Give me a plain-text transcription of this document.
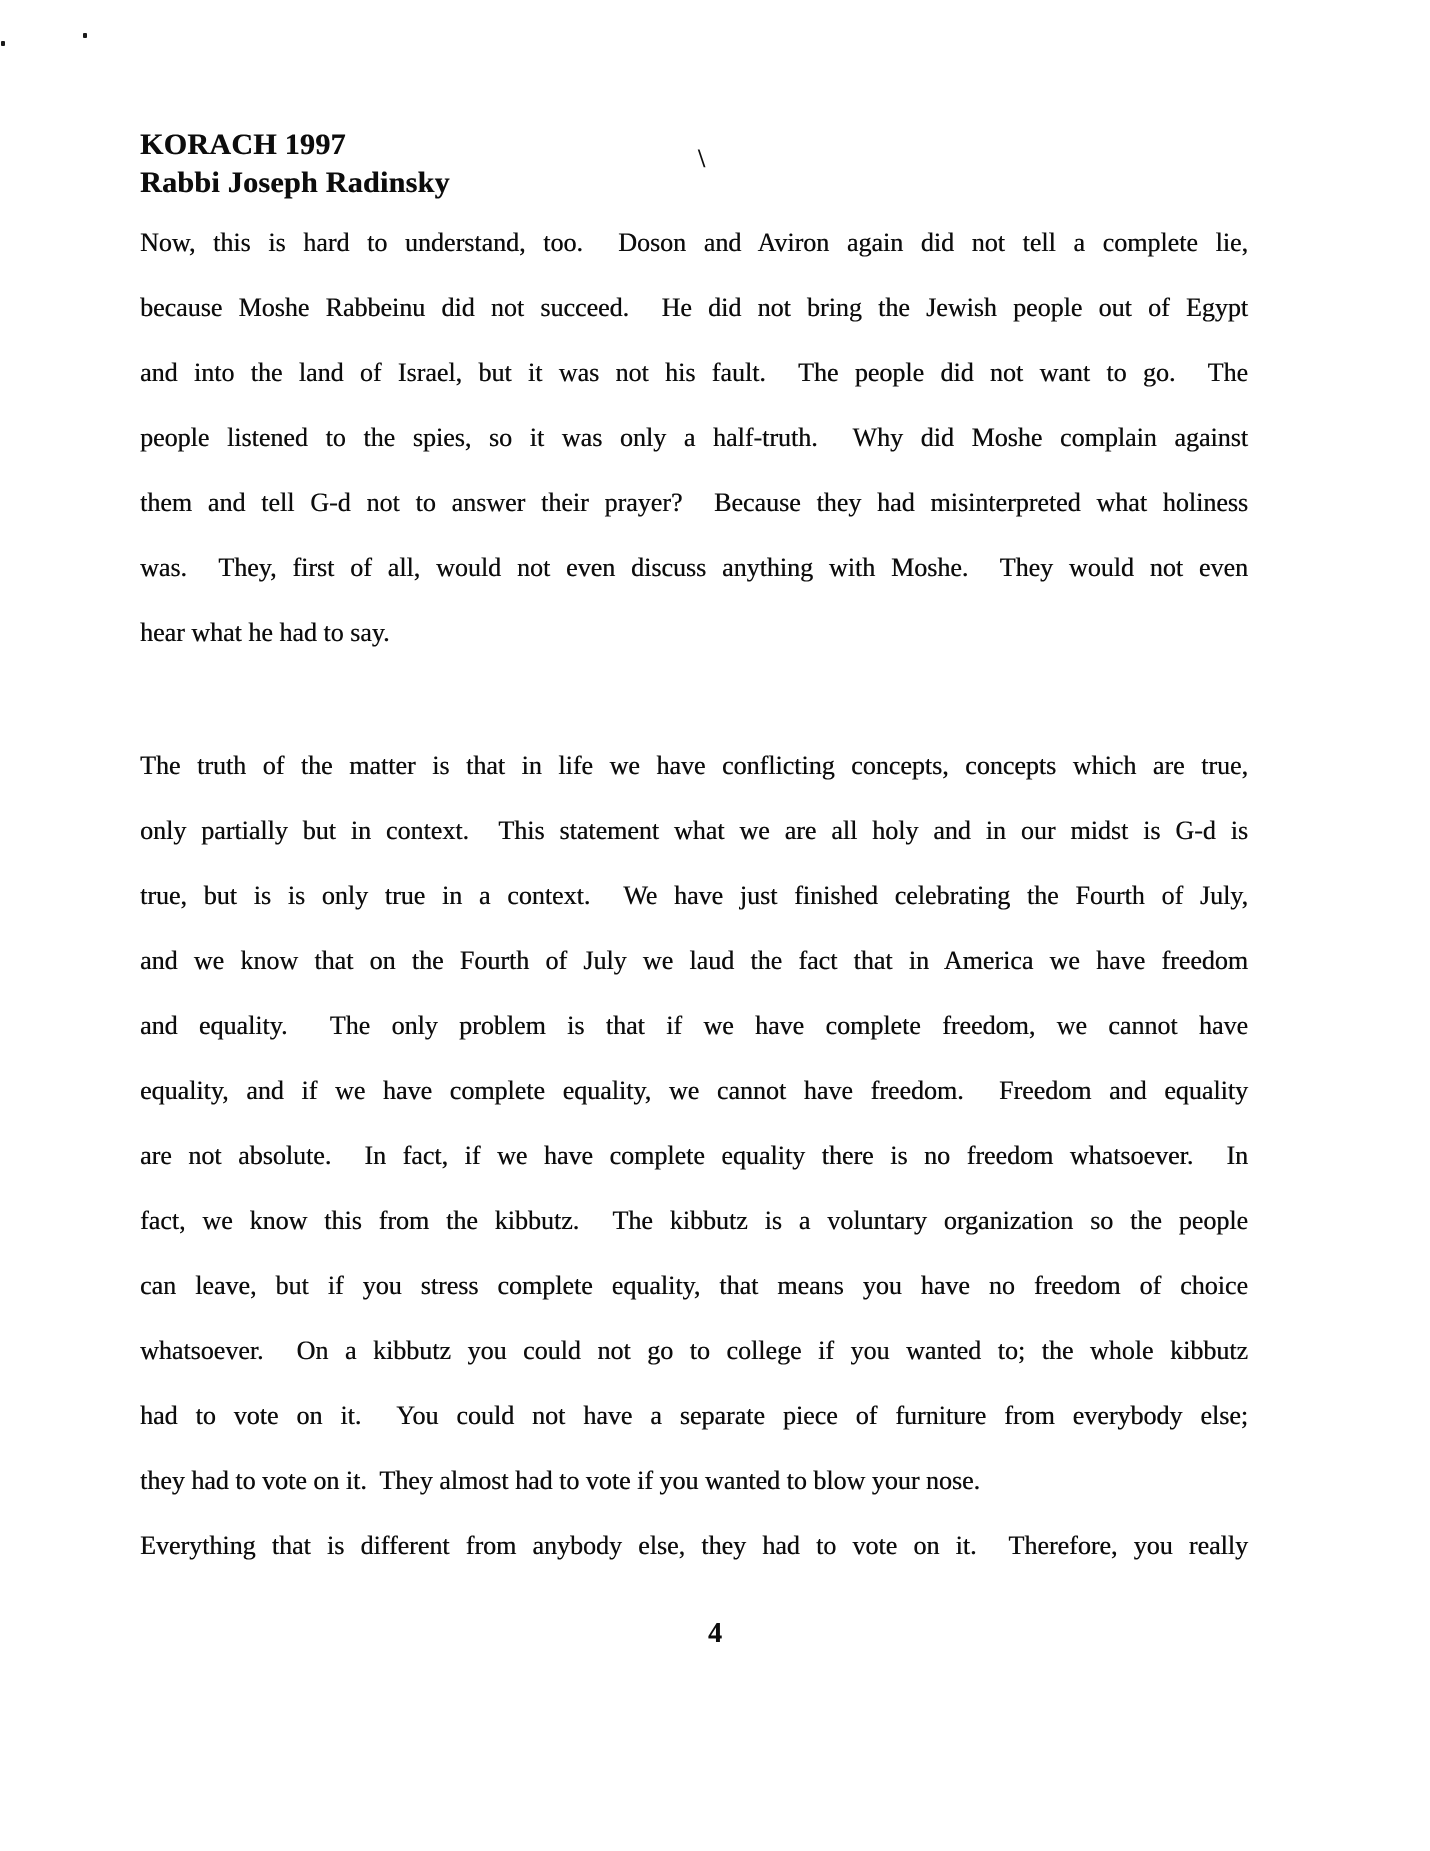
KORACH 1997
Rabbi Joseph Radinsky
\
Now, this is hard to understand, too.  Doson and Aviron again did not tell a complete lie,
because Moshe Rabbeinu did not succeed.  He did not bring the Jewish people out of Egypt
and into the land of Israel, but it was not his fault.  The people did not want to go.  The
people listened to the spies, so it was only a half-truth.  Why did Moshe complain against
them and tell G-d not to answer their prayer?  Because they had misinterpreted what holiness
was.  They, first of all, would not even discuss anything with Moshe.  They would not even
hear what he had to say.
The truth of the matter is that in life we have conflicting concepts, concepts which are true,
only partially but in context.  This statement what we are all holy and in our midst is G-d is
true, but is is only true in a context.  We have just finished celebrating the Fourth of July,
and we know that on the Fourth of July we laud the fact that in America we have freedom
and equality.  The only problem is that if we have complete freedom, we cannot have
equality, and if we have complete equality, we cannot have freedom.  Freedom and equality
are not absolute.  In fact, if we have complete equality there is no freedom whatsoever.  In
fact, we know this from the kibbutz.  The kibbutz is a voluntary organization so the people
can leave, but if you stress complete equality, that means you have no freedom of choice
whatsoever.  On a kibbutz you could not go to college if you wanted to; the whole kibbutz
had to vote on it.  You could not have a separate piece of furniture from everybody else;
they had to vote on it.  They almost had to vote if you wanted to blow your nose.
Everything that is different from anybody else, they had to vote on it.  Therefore, you really
4
